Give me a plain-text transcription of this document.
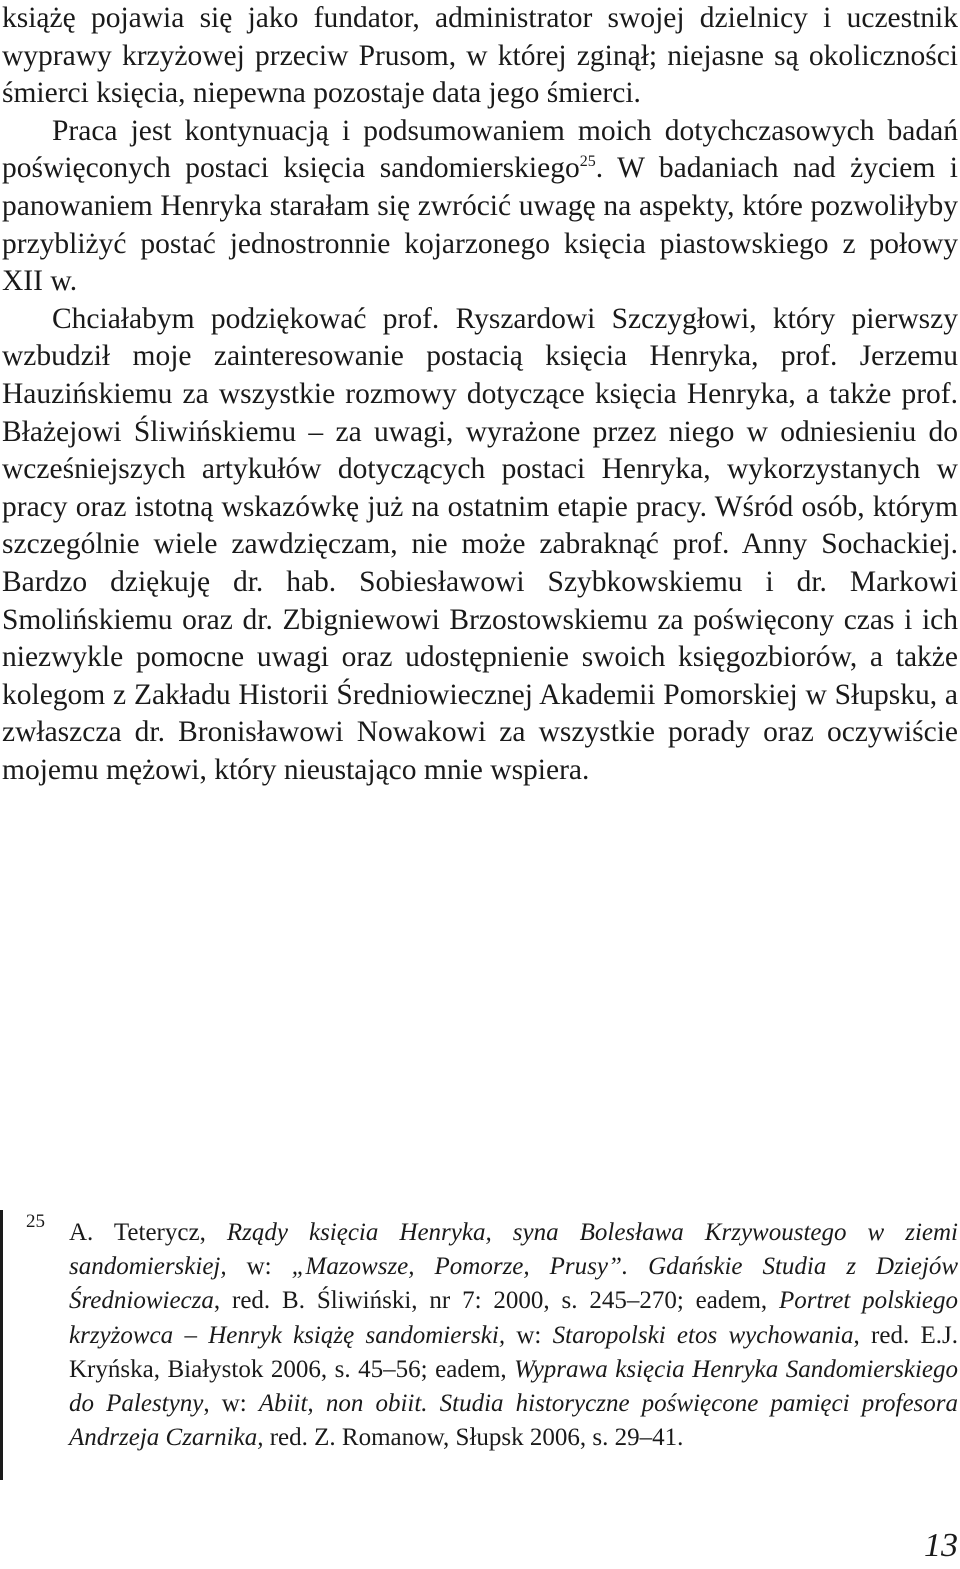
książę pojawia się jako fundator, administrator swojej dzielnicy i uczestnik wyprawy krzyżowej przeciw Prusom, w której zginął; niejasne są okoliczności śmierci księcia, niepewna pozostaje data jego śmierci.

Praca jest kontynuacją i podsumowaniem moich dotychczasowych badań poświęconych postaci księcia sandomierskiego$^{25}$. W badaniach nad życiem i panowaniem Henryka starałam się zwrócić uwagę na aspekty, które pozwoliłyby przybliżyć postać jednostronnie kojarzonego księcia piastowskiego z połowy XII w.

Chciałabym podziękować prof. Ryszardowi Szczygłowi, który pierwszy wzbudził moje zainteresowanie postacią księcia Henryka, prof. Jerzemu Hauzińskiemu za wszystkie rozmowy dotyczące księcia Henryka, a także prof. Błażejowi Śliwińskiemu – za uwagi, wyrażone przez niego w odniesieniu do wcześniejszych artykułów dotyczących postaci Henryka, wykorzystanych w pracy oraz istotną wskazówkę już na ostatnim etapie pracy. Wśród osób, którym szczególnie wiele zawdzięczam, nie może zabraknąć prof. Anny Sochackiej. Bardzo dziękuję dr. hab. Sobiesławowi Szybkowskiemu i dr. Markowi Smolińskiemu oraz dr. Zbigniewowi Brzostowskiemu za poświęcony czas i ich niezwykle pomocne uwagi oraz udostępnienie swoich księgozbiorów, a także kolegom z Zakładu Historii Średniowiecznej Akademii Pomorskiej w Słupsku, a zwłaszcza dr. Bronisławowi Nowakowi za wszystkie porady oraz oczywiście mojemu mężowi, który nieustająco mnie wspiera.

25 A. Teterycz, Rządy księcia Henryka, syna Bolesława Krzywoustego w ziemi sandomierskiej, w: „Mazowsze, Pomorze, Prusy”. Gdańskie Studia z Dziejów Średniowiecza, red. B. Śliwiński, nr 7: 2000, s. 245–270; eadem, Portret polskiego krzyżowca – Henryk książę sandomierski, w: Staropolski etos wychowania, red. E.J. Kryńska, Białystok 2006, s. 45–56; eadem, Wyprawa księcia Henryka Sandomierskiego do Palestyny, w: Abiit, non obiit. Studia historyczne poświęcone pamięci profesora Andrzeja Czarnika, red. Z. Romanow, Słupsk 2006, s. 29–41.

13
